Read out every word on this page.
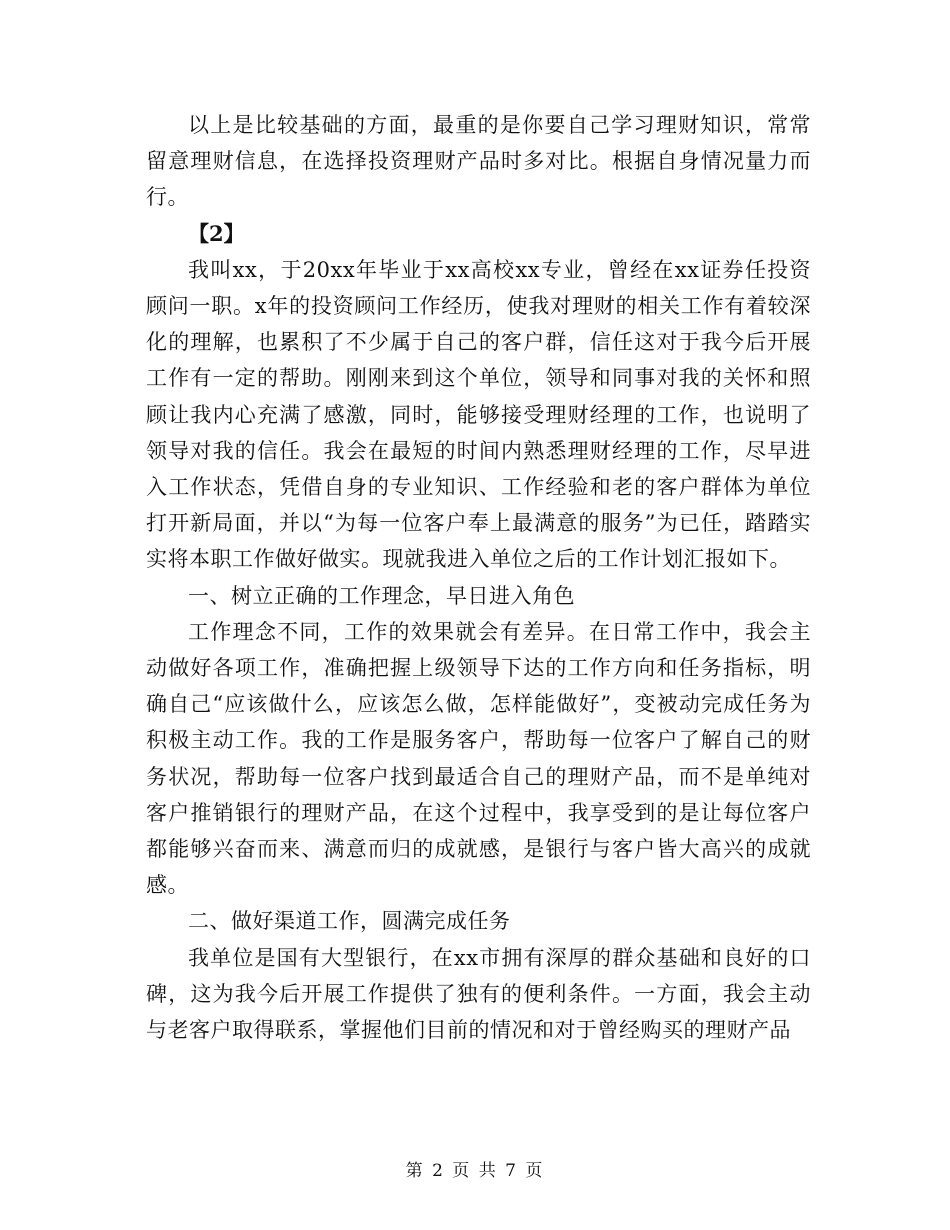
以上是比较基础的方面，最重的是你要自己学习理财知识，常常留意理财信息，在选择投资理财产品时多对比。根据自身情况量力而行。

【2】

我叫xx，于20xx年毕业于xx高校xx专业，曾经在xx证券任投资顾问一职。x年的投资顾问工作经历，使我对理财的相关工作有着较深化的理解，也累积了不少属于自己的客户群，信任这对于我今后开展工作有一定的帮助。刚刚来到这个单位，领导和同事对我的关怀和照顾让我内心充满了感激，同时，能够接受理财经理的工作，也说明了领导对我的信任。我会在最短的时间内熟悉理财经理的工作，尽早进入工作状态，凭借自身的专业知识、工作经验和老的客户群体为单位打开新局面，并以“为每一位客户奉上最满意的服务”为已任，踏踏实实将本职工作做好做实。现就我进入单位之后的工作计划汇报如下。

一、树立正确的工作理念，早日进入角色

工作理念不同，工作的效果就会有差异。在日常工作中，我会主动做好各项工作，准确把握上级领导下达的工作方向和任务指标，明确自己“应该做什么，应该怎么做，怎样能做好”，变被动完成任务为积极主动工作。我的工作是服务客户，帮助每一位客户了解自己的财务状况，帮助每一位客户找到最适合自己的理财产品，而不是单纯对客户推销银行的理财产品，在这个过程中，我享受到的是让每位客户都能够兴奋而来、满意而归的成就感，是银行与客户皆大高兴的成就感。

二、做好渠道工作，圆满完成任务

我单位是国有大型银行，在xx市拥有深厚的群众基础和良好的口碑，这为我今后开展工作提供了独有的便利条件。一方面，我会主动与老客户取得联系，掌握他们目前的情况和对于曾经购买的理财产品

第 2 页 共 7 页
